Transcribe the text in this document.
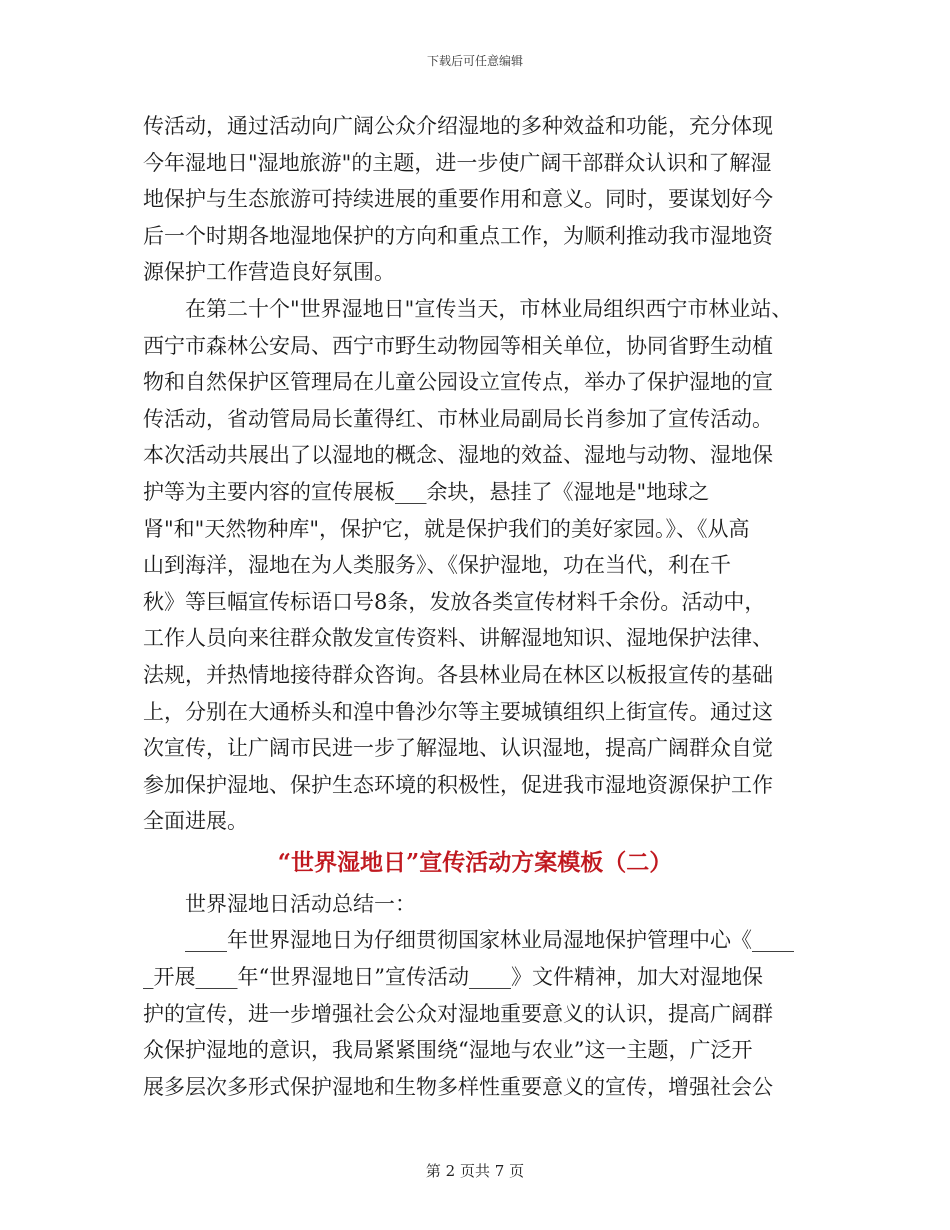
下载后可任意编辑
传活动，通过活动向广阔公众介绍湿地的多种效益和功能，充分体现
今年湿地日"湿地旅游"的主题，进一步使广阔干部群众认识和了解湿
地保护与生态旅游可持续进展的重要作用和意义。同时，要谋划好今
后一个时期各地湿地保护的方向和重点工作，为顺利推动我市湿地资
源保护工作营造良好氛围。
在第二十个"世界湿地日"宣传当天，市林业局组织西宁市林业站、
西宁市森林公安局、西宁市野生动物园等相关单位，协同省野生动植
物和自然保护区管理局在儿童公园设立宣传点，举办了保护湿地的宣
传活动，省动管局局长董得红、市林业局副局长肖参加了宣传活动。
本次活动共展出了以湿地的概念、湿地的效益、湿地与动物、湿地保
护等为主要内容的宣传展板___余块，悬挂了《湿地是"地球之
肾"和"天然物种库"，保护它，就是保护我们的美好家园。》、《从高
山到海洋，湿地在为人类服务》、《保护湿地，功在当代，利在千
秋》等巨幅宣传标语口号8条，发放各类宣传材料千余份。活动中，
工作人员向来往群众散发宣传资料、讲解湿地知识、湿地保护法律、
法规，并热情地接待群众咨询。各县林业局在林区以板报宣传的基础
上，分别在大通桥头和湟中鲁沙尔等主要城镇组织上街宣传。通过这
次宣传，让广阔市民进一步了解湿地、认识湿地，提高广阔群众自觉
参加保护湿地、保护生态环境的积极性，促进我市湿地资源保护工作
全面进展。
“世界湿地日”宣传活动方案模板（二）
世界湿地日活动总结一：
____年世界湿地日为仔细贯彻国家林业局湿地保护管理中心《____
_开展____年“世界湿地日”宣传活动____》文件精神，加大对湿地保
护的宣传，进一步增强社会公众对湿地重要意义的认识，提高广阔群
众保护湿地的意识，我局紧紧围绕“湿地与农业”这一主题，广泛开
展多层次多形式保护湿地和生物多样性重要意义的宣传，增强社会公
第 2 页共 7 页
